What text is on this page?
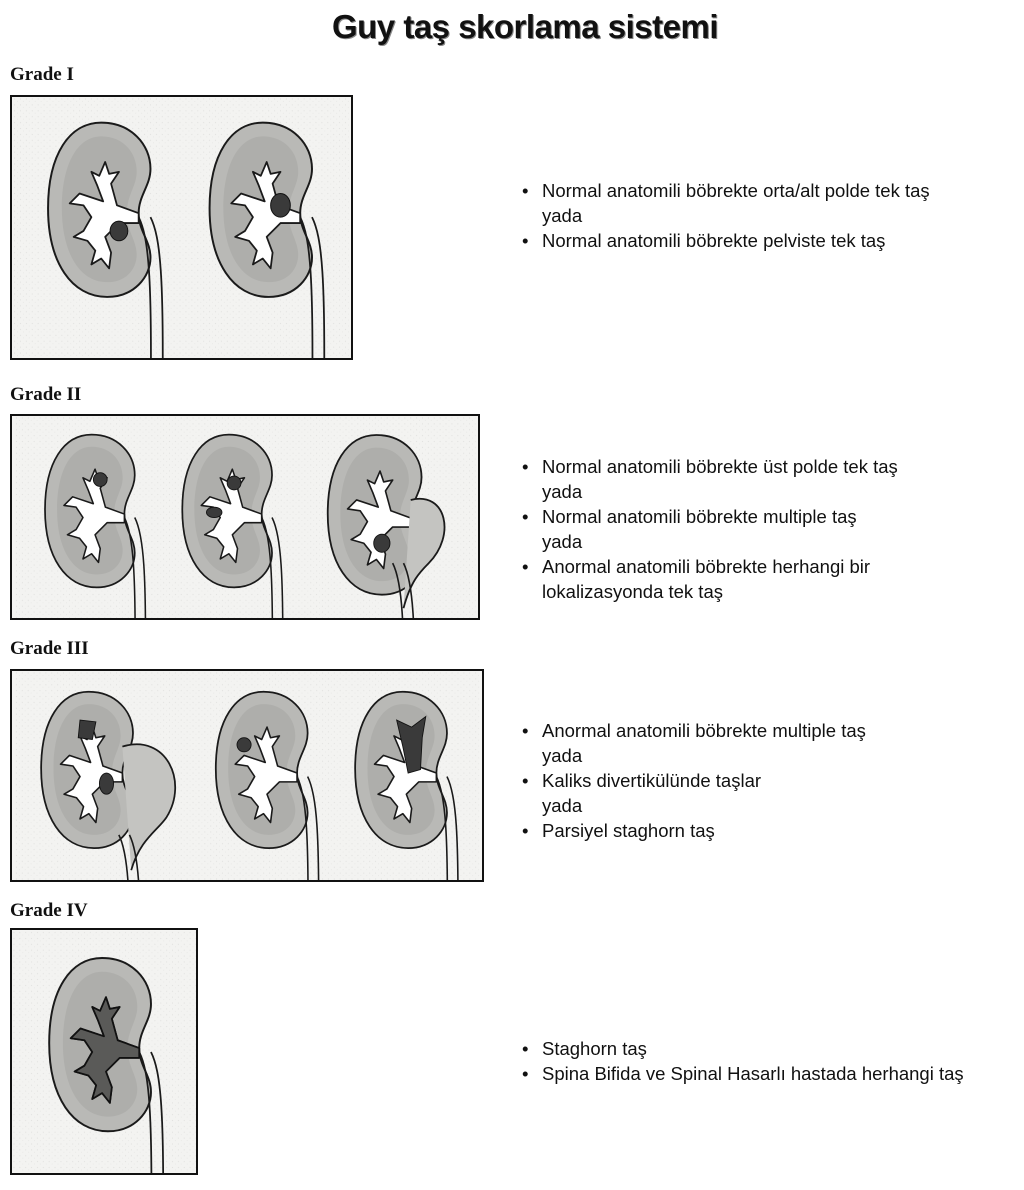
Guy taş skorlama sistemi
Grade I
• Normal anatomili böbrekte orta/alt polde tek taş
yada
• Normal anatomili böbrekte pelviste tek taş
Grade II
• Normal anatomili böbrekte üst polde tek taş
yada
• Normal anatomili böbrekte multiple taş
yada
• Anormal anatomili böbrekte herhangi bir
lokalizasyonda tek taş
Grade III
• Anormal anatomili böbrekte multiple taş
yada
• Kaliks divertikülünde taşlar
yada
• Parsiyel staghorn taş
Grade IV
• Staghorn taş
• Spina Bifida ve Spinal Hasarlı hastada herhangi taş
